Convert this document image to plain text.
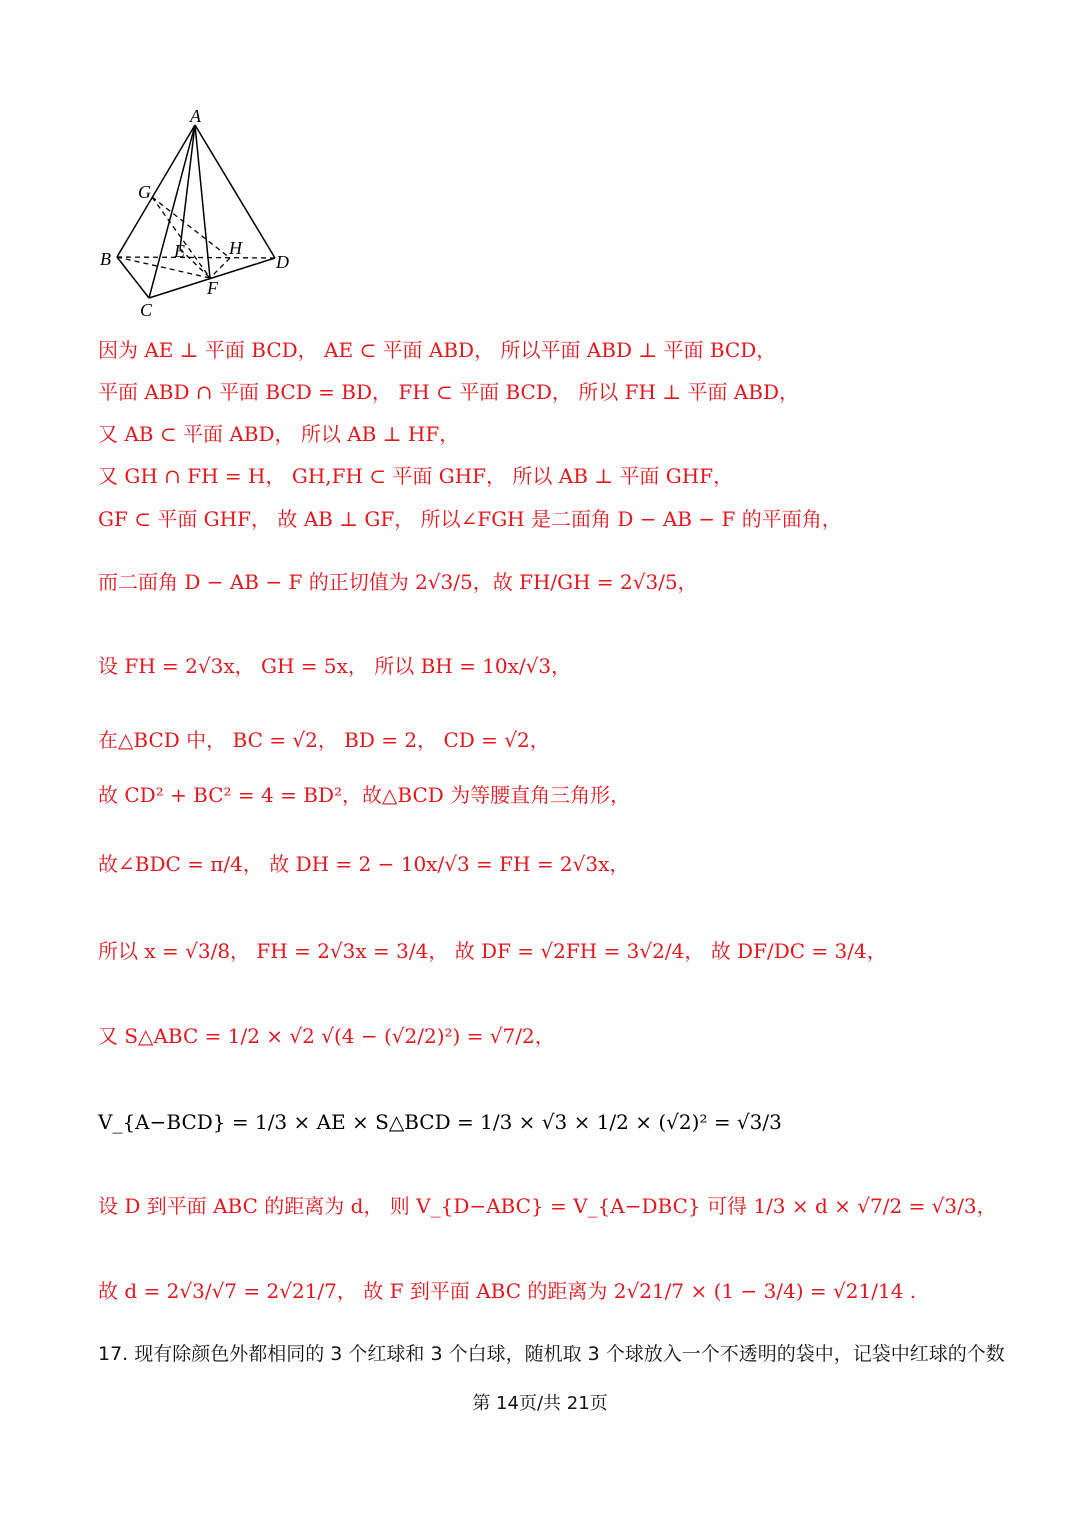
A
G
B	E H
D
F
C
因为 AE ⊥ 平面 BCD， AE ⊂ 平面 ABD， 所以平面 ABD ⊥ 平面 BCD，
平面 ABD ∩ 平面 BCD = BD， FH ⊂ 平面 BCD， 所以 FH ⊥ 平面 ABD，
又 AB ⊂ 平面 ABD， 所以 AB ⊥ HF，
又 GH ∩ FH = H， GH,FH ⊂ 平面 GHF， 所以 AB ⊥ 平面 GHF，
GF ⊂ 平面 GHF， 故 AB ⊥ GF， 所以∠FGH 是二面角 D − AB − F 的平面角，
而二面角 D − AB − F 的正切值为 2√3/5，故 FH/GH = 2√3/5，
设 FH = 2√3x， GH = 5x， 所以 BH = 10x/√3，
在△BCD 中， BC = √2， BD = 2， CD = √2，
故 CD² + BC² = 4 = BD²，故△BCD 为等腰直角三角形，
故∠BDC = π/4， 故 DH = 2 − 10x/√3 = FH = 2√3x，
所以 x = √3/8， FH = 2√3x = 3/4， 故 DF = √2FH = 3√2/4， 故 DF/DC = 3/4，
又 S△ABC = 1/2 × √2 √(4 − (√2/2)²) = √7/2，
V_{A−BCD} = 1/3 × AE × S△BCD = 1/3 × √3 × 1/2 × (√2)² = √3/3
设 D 到平面 ABC 的距离为 d， 则 V_{D−ABC} = V_{A−DBC} 可得 1/3 × d × √7/2 = √3/3，
故 d = 2√3/√7 = 2√21/7， 故 F 到平面 ABC 的距离为 2√21/7 × (1 − 3/4) = √21/14 .
17. 现有除颜色外都相同的 3 个红球和 3 个白球，随机取 3 个球放入一个不透明的袋中，记袋中红球的个数
第 14页/共 21页
